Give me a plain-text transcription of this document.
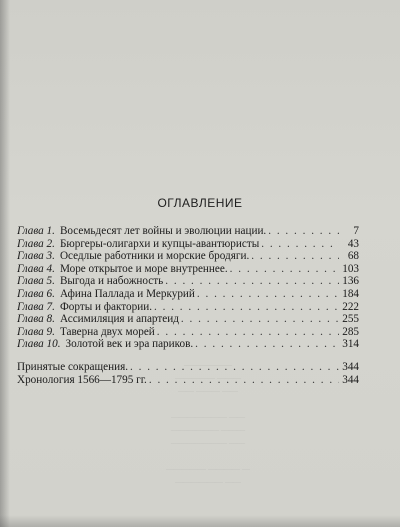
——————
————— ———
—— ——— ——

——————— ——
—————— ———
——————— ——

————— ———— —
—————— ——
ОГЛАВЛЕНИЕ
Глава 1. Восемьдесят лет войны и эволюции нации. . . .	7
Глава 2. Бюргеры-олигархи и купцы-авантюристы . . .	43
Глава 3. Оседлые работники и морские бродяги. . . .	68
Глава 4. Море открытое и море внутреннее. . . .	103
Глава 5. Выгода и набожность . . .	136
Глава 6. Афина Паллада и Меркурий . . .	184
Глава 7. Форты и фактории. . . .	222
Глава 8. Ассимиляция и апартеид . . .	255
Глава 9. Таверна двух морей . . .	285
Глава 10. Золотой век и эра париков. . . .	314
Принятые сокращения. . . .	344
Хронология 1566—1795 гг. . . .	344
